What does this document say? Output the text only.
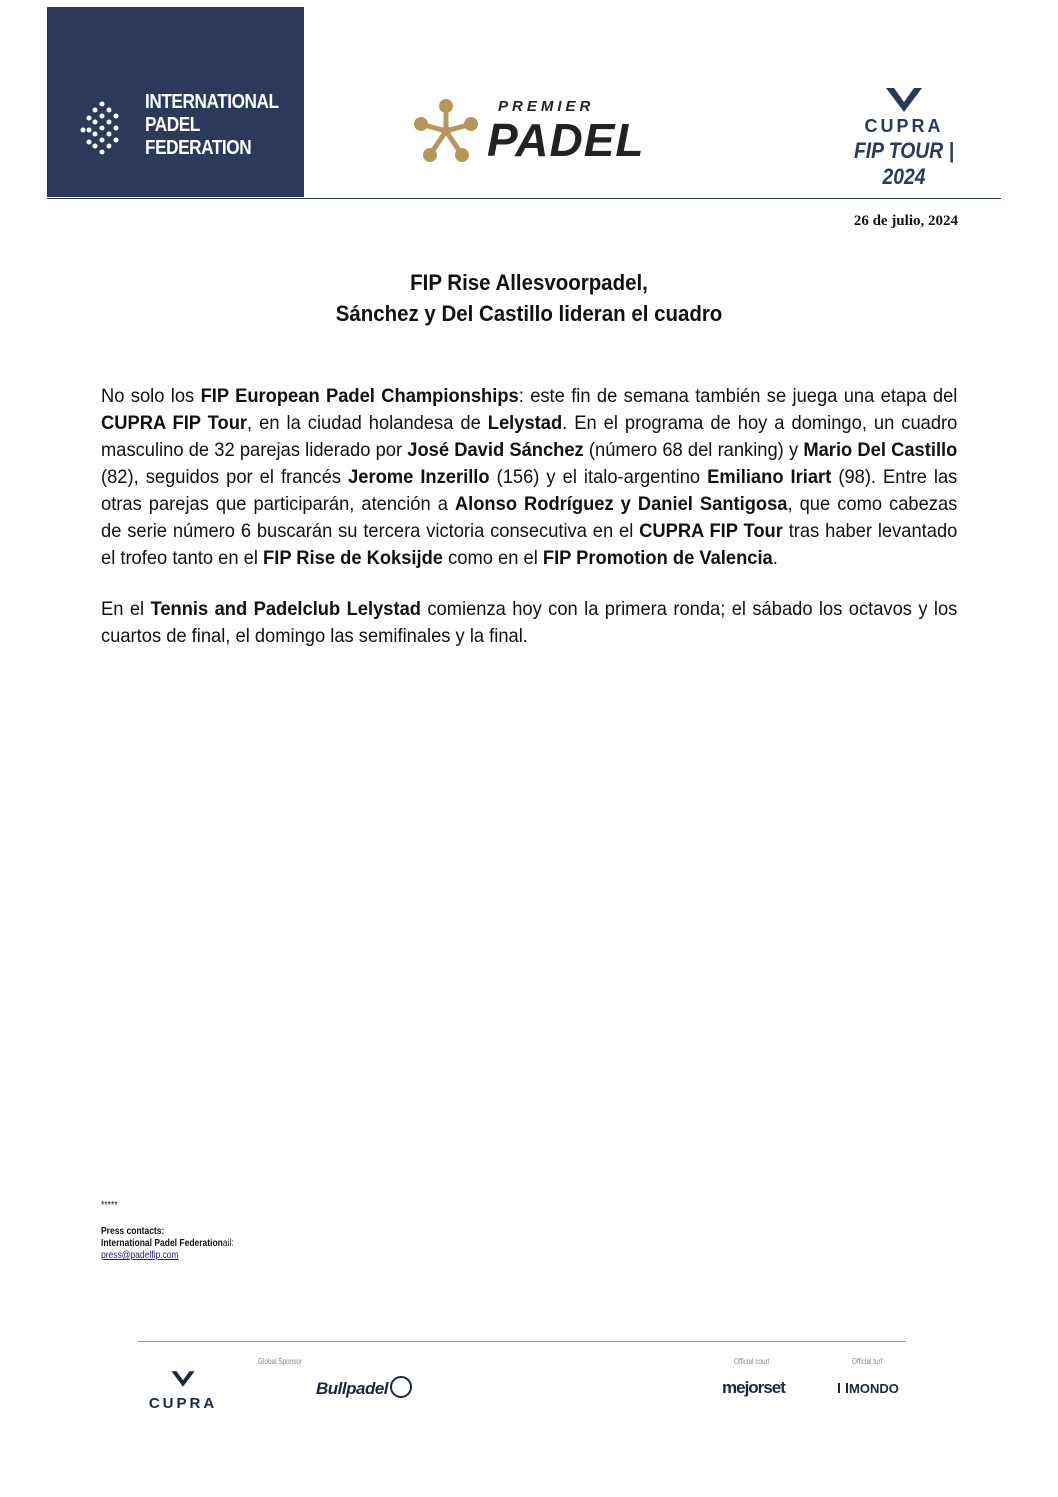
INTERNATIONAL
PADEL
FEDERATION
PREMIER
PADEL	CUPRA
FIP TOUR | 2024
26 de julio, 2024
FIP Rise Allesvoorpadel,
Sánchez y Del Castillo lideran el cuadro

No solo los FIP European Padel Championships: este fin de semana también se juega una etapa del CUPRA FIP Tour, en la ciudad holandesa de Lelystad. En el programa de hoy a domingo, un cuadro masculino de 32 parejas liderado por José David Sánchez (número 68 del ranking) y Mario Del Castillo (82), seguidos por el francés Jerome Inzerillo (156) y el italo-argentino Emiliano Iriart (98). Entre las otras parejas que participarán, atención a Alonso Rodríguez y Daniel Santigosa, que como cabezas de serie número 6 buscarán su tercera victoria consecutiva en el CUPRA FIP Tour tras haber levantado el trofeo tanto en el FIP Rise de Koksijde como en el FIP Promotion de Valencia.

En el Tennis and Padelclub Lelystad comienza hoy con la primera ronda; el sábado los octavos y los cuartos de final, el domingo las semifinales y la final.

*****
Press contacts:
International Padel Federationail:
press@padelfip.com
CUPRA
Global Sponsor
Bullpadel
Official court
mejorset
Official turf
MONDO
